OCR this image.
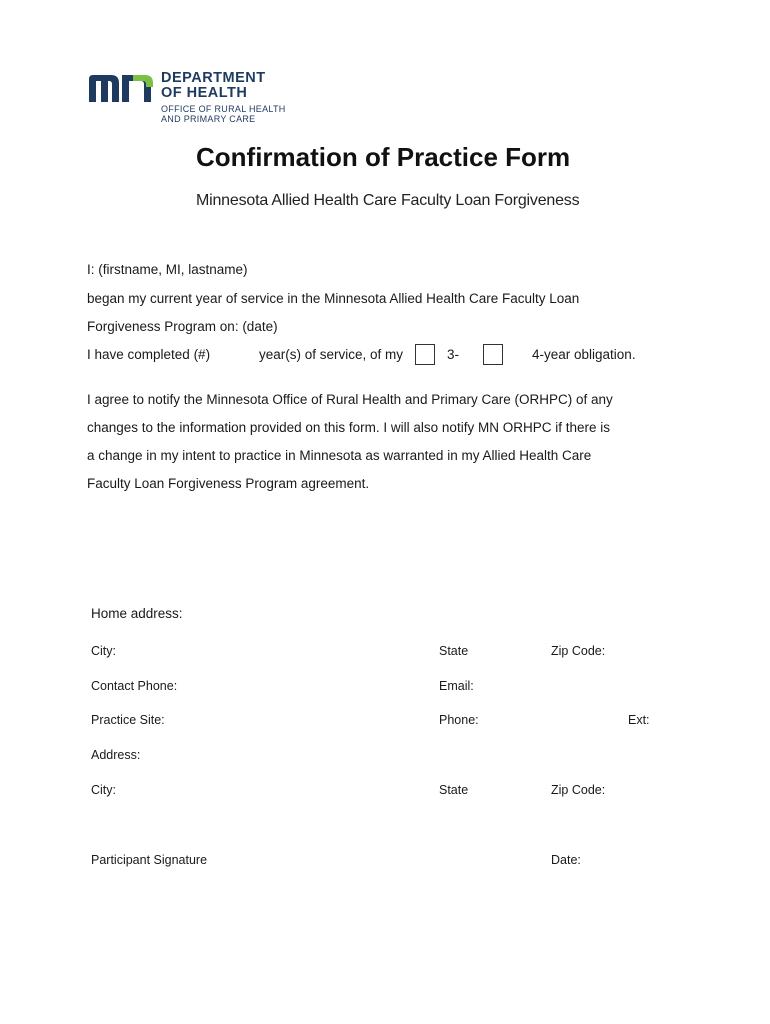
DEPARTMENT
OF HEALTH
OFFICE OF RURAL HEALTH
AND PRIMARY CARE
Confirmation of Practice Form
Minnesota Allied Health Care Faculty Loan Forgiveness
I: (firstname, MI, lastname)
began my current year of service in the Minnesota Allied Health Care Faculty Loan
Forgiveness Program on: (date)
I have completed (#)	year(s) of service, of my	3-	4-year obligation.
I agree to notify the Minnesota Office of Rural Health and Primary Care (ORHPC) of any
changes to the information provided on this form. I will also notify MN ORHPC if there is
a change in my intent to practice in Minnesota as warranted in my Allied Health Care
Faculty Loan Forgiveness Program agreement.
Home address:
City:	State	Zip Code:
Contact Phone:	Email:
Practice Site:	Phone:	Ext:
Address:
City:	State	Zip Code:
Participant Signature	Date:
